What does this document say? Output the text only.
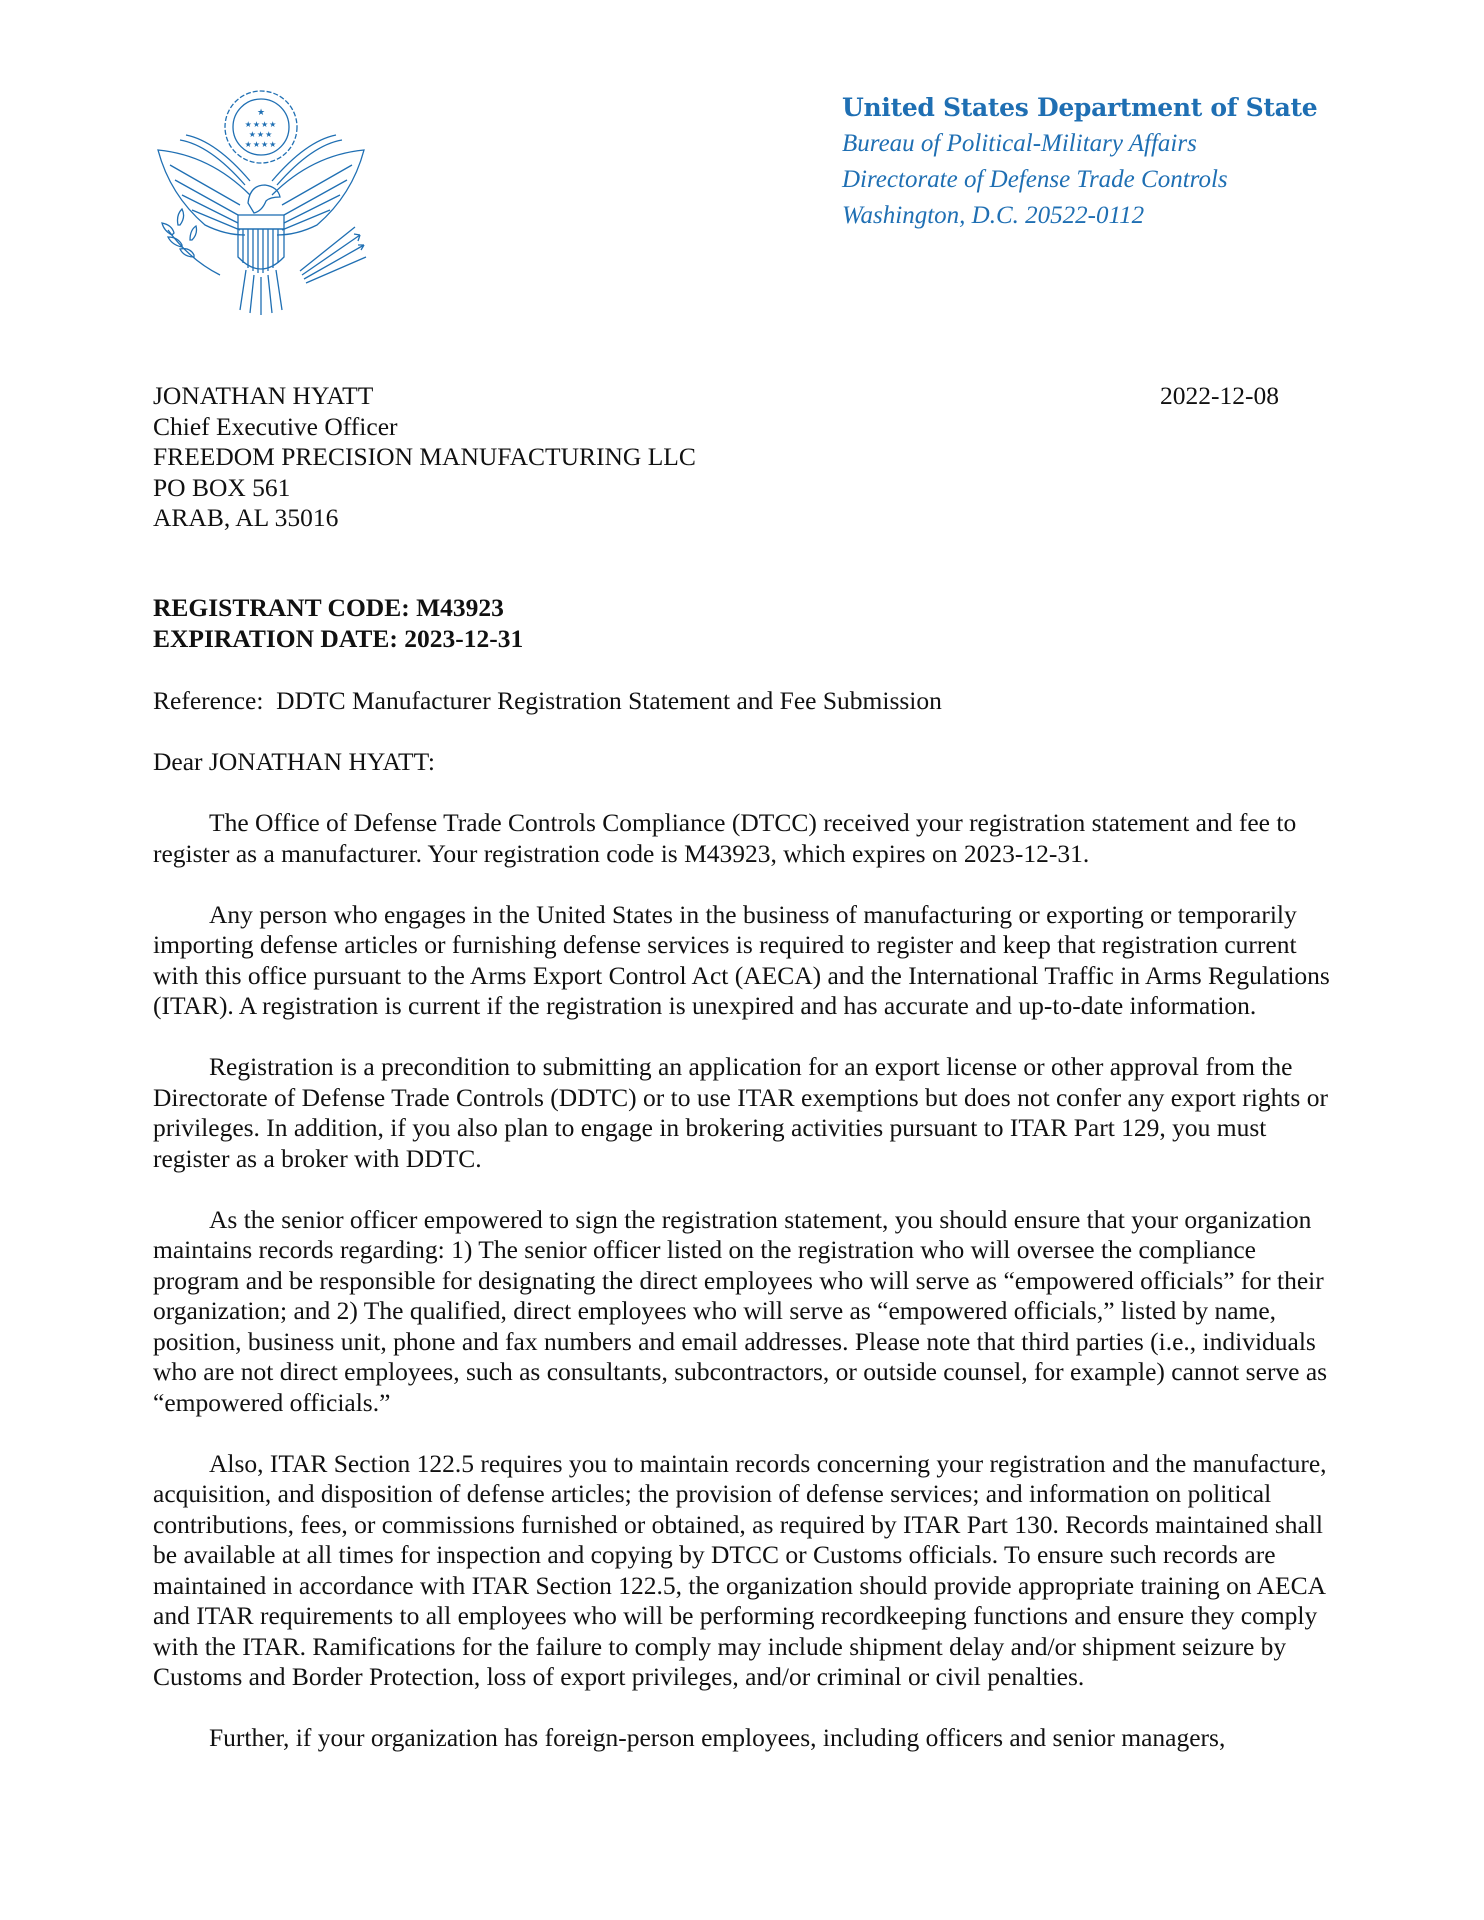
★
★★★★
★★★
★★★★
United States Department of State
Bureau of Political-Military Affairs
Directorate of Defense Trade Controls
Washington, D.C. 20522-0112
JONATHAN HYATT
Chief Executive Officer
FREEDOM PRECISION MANUFACTURING LLC
PO BOX 561
ARAB, AL 35016
2022-12-08
REGISTRANT CODE: M43923
EXPIRATION DATE: 2023-12-31
Reference:  DDTC Manufacturer Registration Statement and Fee Submission
Dear JONATHAN HYATT:

The Office of Defense Trade Controls Compliance (DTCC) received your registration statement and fee to register as a manufacturer. Your registration code is M43923, which expires on 2023-12-31.

Any person who engages in the United States in the business of manufacturing or exporting or temporarily importing defense articles or furnishing defense services is required to register and keep that registration current with this office pursuant to the Arms Export Control Act (AECA) and the International Traffic in Arms Regulations (ITAR). A registration is current if the registration is unexpired and has accurate and up-to-date information.

Registration is a precondition to submitting an application for an export license or other approval from the Directorate of Defense Trade Controls (DDTC) or to use ITAR exemptions but does not confer any export rights or privileges. In addition, if you also plan to engage in brokering activities pursuant to ITAR Part 129, you must register as a broker with DDTC.

As the senior officer empowered to sign the registration statement, you should ensure that your organization maintains records regarding: 1) The senior officer listed on the registration who will oversee the compliance program and be responsible for designating the direct employees who will serve as “empowered officials” for their organization; and 2) The qualified, direct employees who will serve as “empowered officials,” listed by name, position, business unit, phone and fax numbers and email addresses. Please note that third parties (i.e., individuals who are not direct employees, such as consultants, subcontractors, or outside counsel, for example) cannot serve as “empowered officials.”

Also, ITAR Section 122.5 requires you to maintain records concerning your registration and the manufacture, acquisition, and disposition of defense articles; the provision of defense services; and information on political contributions, fees, or commissions furnished or obtained, as required by ITAR Part 130. Records maintained shall be available at all times for inspection and copying by DTCC or Customs officials. To ensure such records are maintained in accordance with ITAR Section 122.5, the organization should provide appropriate training on AECA and ITAR requirements to all employees who will be performing recordkeeping functions and ensure they comply with the ITAR. Ramifications for the failure to comply may include shipment delay and/or shipment seizure by Customs and Border Protection, loss of export privileges, and/or criminal or civil penalties.

Further, if your organization has foreign-person employees, including officers and senior managers,
